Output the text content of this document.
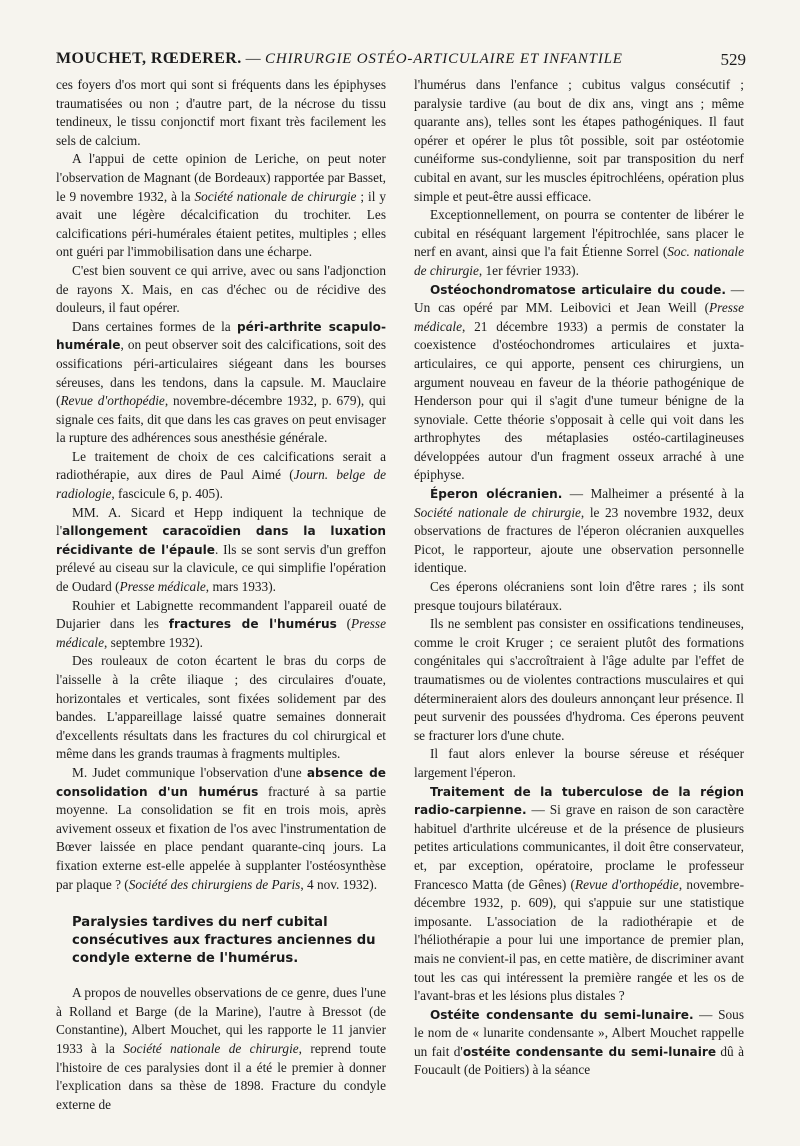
MOUCHET, RŒDERER. — CHIRURGIE OSTÉO-ARTICULAIRE ET INFANTILE	529

ces foyers d'os mort qui sont si fréquents dans les épiphyses traumatisées ou non ; d'autre part, de la nécrose du tissu tendineux, le tissu conjonctif mort fixant très facilement les sels de calcium.

A l'appui de cette opinion de Leriche, on peut noter l'observation de Magnant (de Bordeaux) rapportée par Basset, le 9 novembre 1932, à la Société nationale de chirurgie ; il y avait une légère décalcification du trochiter. Les calcifications péri-humérales étaient petites, multiples ; elles ont guéri par l'immobilisation dans une écharpe.

C'est bien souvent ce qui arrive, avec ou sans l'adjonction de rayons X. Mais, en cas d'échec ou de récidive des douleurs, il faut opérer.

Dans certaines formes de la péri-arthrite scapulo-humérale, on peut observer soit des calcifications, soit des ossifications péri-articulaires siégeant dans les bourses séreuses, dans les tendons, dans la capsule. M. Mauclaire (Revue d'orthopédie, novembre-décembre 1932, p. 679), qui signale ces faits, dit que dans les cas graves on peut envisager la rupture des adhérences sous anesthésie générale.

Le traitement de choix de ces calcifications serait a radiothérapie, aux dires de Paul Aimé (Journ. belge de radiologie, fascicule 6, p. 405).

MM. A. Sicard et Hepp indiquent la technique de l'allongement caracoïdien dans la luxation récidivante de l'épaule. Ils se sont servis d'un greffon prélevé au ciseau sur la clavicule, ce qui simplifie l'opération de Oudard (Presse médicale, mars 1933).

Rouhier et Labignette recommandent l'appareil ouaté de Dujarier dans les fractures de l'humérus (Presse médicale, septembre 1932).

Des rouleaux de coton écartent le bras du corps de l'aisselle à la crête iliaque ; des circulaires d'ouate, horizontales et verticales, sont fixées solidement par des bandes. L'appareillage laissé quatre semaines donnerait d'excellents résultats dans les fractures du col chirurgical et même dans les grands traumas à fragments multiples.

M. Judet communique l'observation d'une absence de consolidation d'un humérus fracturé à sa partie moyenne. La consolidation se fit en trois mois, après avivement osseux et fixation de l'os avec l'instrumentation de Bœver laissée en place pendant quarante-cinq jours. La fixation externe est-elle appelée à supplanter l'ostéosynthèse par plaque ? (Société des chirurgiens de Paris, 4 nov. 1932).

Paralysies tardives du nerf cubital consécutives aux fractures anciennes du condyle externe de l'humérus.

A propos de nouvelles observations de ce genre, dues l'une à Rolland et Barge (de la Marine), l'autre à Bressot (de Constantine), Albert Mouchet, qui les rapporte le 11 janvier 1933 à la Société nationale de chirurgie, reprend toute l'histoire de ces paralysies dont il a été le premier à donner l'explication dans sa thèse de 1898. Fracture du condyle externe de

l'humérus dans l'enfance ; cubitus valgus consécutif ; paralysie tardive (au bout de dix ans, vingt ans ; même quarante ans), telles sont les étapes pathogéniques. Il faut opérer et opérer le plus tôt possible, soit par ostéotomie cunéiforme sus-condylienne, soit par transposition du nerf cubital en avant, sur les muscles épitrochléens, opération plus simple et peut-être aussi efficace.

Exceptionnellement, on pourra se contenter de libérer le cubital en réséquant largement l'épitrochlée, sans placer le nerf en avant, ainsi que l'a fait Étienne Sorrel (Soc. nationale de chirurgie, 1er février 1933).

Ostéochondromatose articulaire du coude. — Un cas opéré par MM. Leibovici et Jean Weill (Presse médicale, 21 décembre 1933) a permis de constater la coexistence d'ostéochondromes articulaires et juxta-articulaires, ce qui apporte, pensent ces chirurgiens, un argument nouveau en faveur de la théorie pathogénique de Henderson pour qui il s'agit d'une tumeur bénigne de la synoviale. Cette théorie s'opposait à celle qui voit dans les arthrophytes des métaplasies ostéo-cartilagineuses développées autour d'un fragment osseux arraché à une épiphyse.

Éperon olécranien. — Malheimer a présenté à la Société nationale de chirurgie, le 23 novembre 1932, deux observations de fractures de l'éperon olécranien auxquelles Picot, le rapporteur, ajoute une observation personnelle identique.

Ces éperons olécraniens sont loin d'être rares ; ils sont presque toujours bilatéraux.

Ils ne semblent pas consister en ossifications tendineuses, comme le croit Kruger ; ce seraient plutôt des formations congénitales qui s'accroîtraient à l'âge adulte par l'effet de traumatismes ou de violentes contractions musculaires et qui détermineraient alors des douleurs annonçant leur présence. Il peut survenir des poussées d'hydroma. Ces éperons peuvent se fracturer lors d'une chute.

Il faut alors enlever la bourse séreuse et réséquer largement l'éperon.

Traitement de la tuberculose de la région radio-carpienne. — Si grave en raison de son caractère habituel d'arthrite ulcéreuse et de la présence de plusieurs petites articulations communicantes, il doit être conservateur, et, par exception, opératoire, proclame le professeur Francesco Matta (de Gênes) (Revue d'orthopédie, novembre-décembre 1932, p. 609), qui s'appuie sur une statistique imposante. L'association de la radiothérapie et de l'héliothérapie a pour lui une importance de premier plan, mais ne convient-il pas, en cette matière, de discriminer avant tout les cas qui intéressent la première rangée et les os de l'avant-bras et les lésions plus distales ?

Ostéite condensante du semi-lunaire. — Sous le nom de « lunarite condensante », Albert Mouchet rappelle un fait d'ostéite condensante du semi-lunaire dû à Foucault (de Poitiers) à la séance
